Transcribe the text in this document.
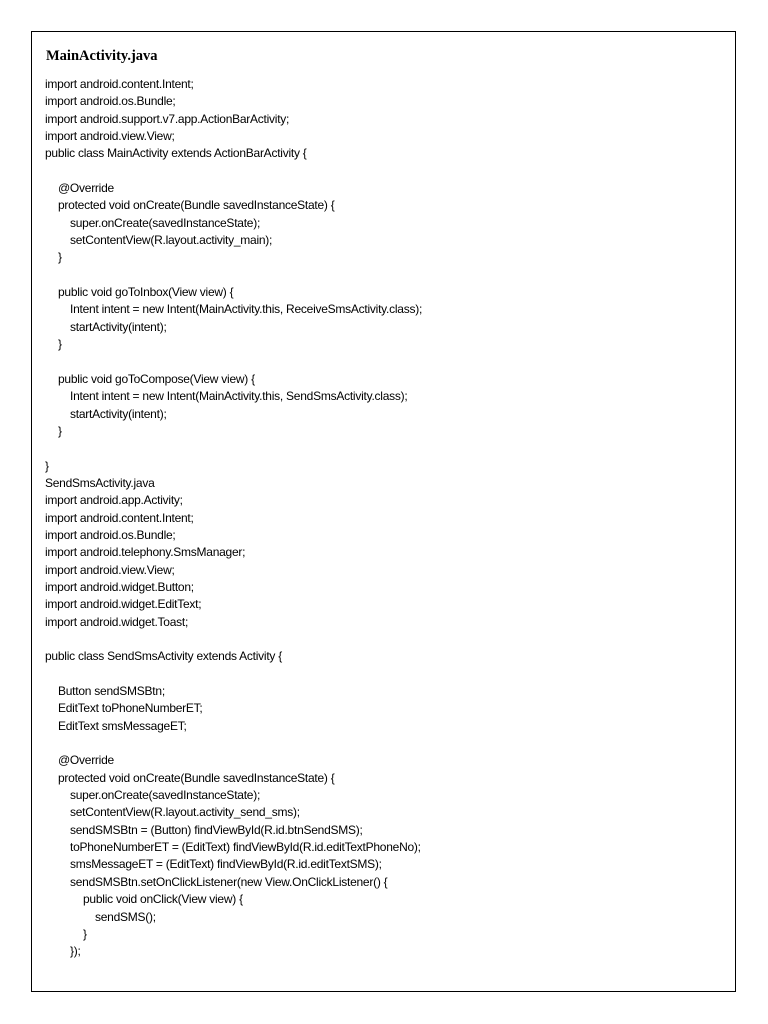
MainActivity.java
import android.content.Intent;
import android.os.Bundle;
import android.support.v7.app.ActionBarActivity;
import android.view.View;
public class MainActivity extends ActionBarActivity {
@Override
protected void onCreate(Bundle savedInstanceState) {
super.onCreate(savedInstanceState);
setContentView(R.layout.activity_main);
}
public void goToInbox(View view) {
Intent intent = new Intent(MainActivity.this, ReceiveSmsActivity.class);
startActivity(intent);
}
public void goToCompose(View view) {
Intent intent = new Intent(MainActivity.this, SendSmsActivity.class);
startActivity(intent);
}
}
SendSmsActivity.java
import android.app.Activity;
import android.content.Intent;
import android.os.Bundle;
import android.telephony.SmsManager;
import android.view.View;
import android.widget.Button;
import android.widget.EditText;
import android.widget.Toast;
public class SendSmsActivity extends Activity {
Button sendSMSBtn;
EditText toPhoneNumberET;
EditText smsMessageET;
@Override
protected void onCreate(Bundle savedInstanceState) {
super.onCreate(savedInstanceState);
setContentView(R.layout.activity_send_sms);
sendSMSBtn = (Button) findViewById(R.id.btnSendSMS);
toPhoneNumberET = (EditText) findViewById(R.id.editTextPhoneNo);
smsMessageET = (EditText) findViewById(R.id.editTextSMS);
sendSMSBtn.setOnClickListener(new View.OnClickListener() {
public void onClick(View view) {
sendSMS();
}
});
